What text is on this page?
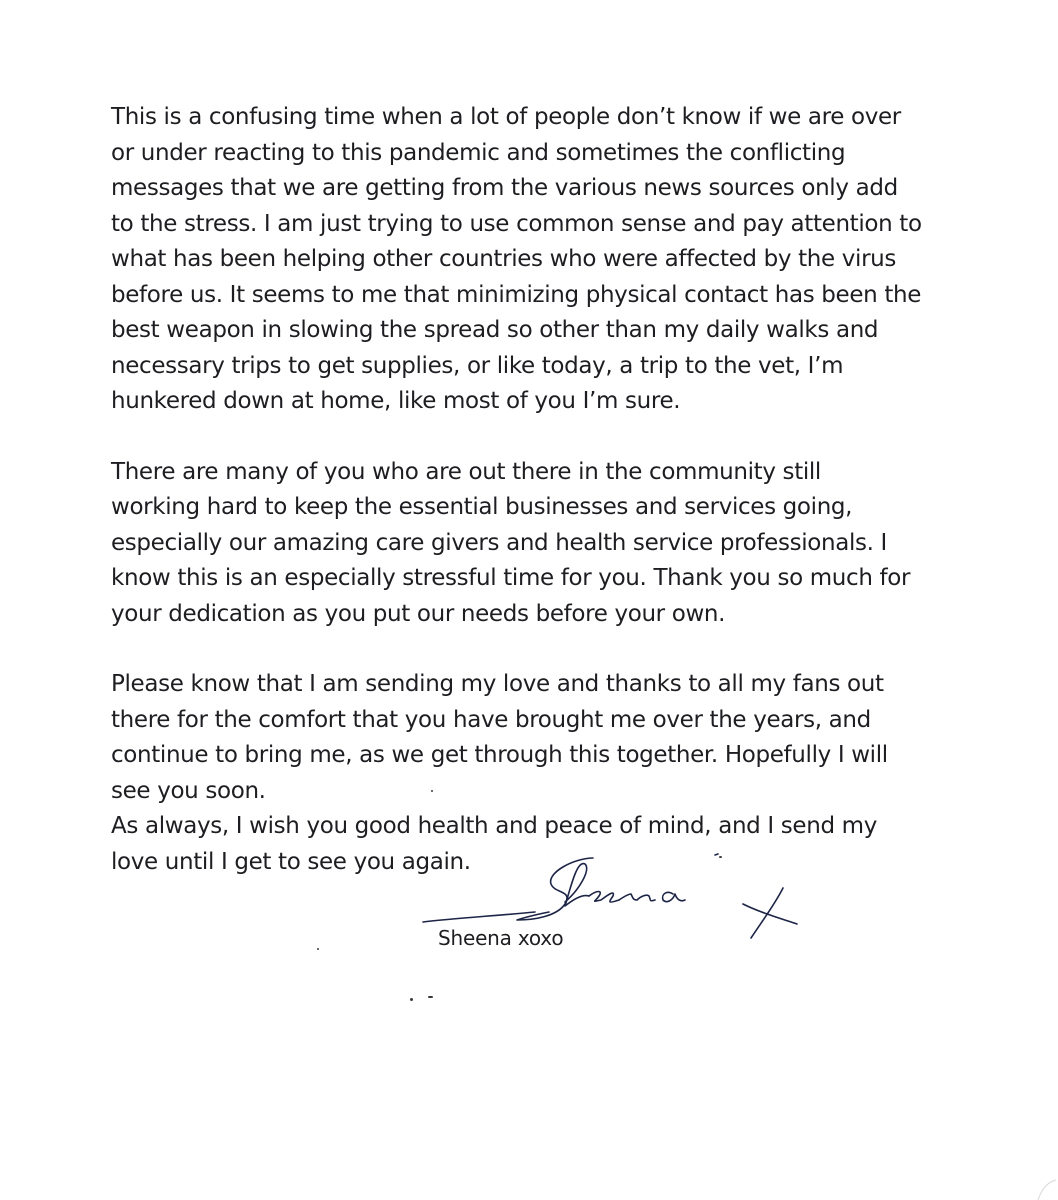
This is a confusing time when a lot of people don’t know if we are over
or under reacting to this pandemic and sometimes the conflicting
messages that we are getting from the various news sources only add
to the stress. I am just trying to use common sense and pay attention to
what has been helping other countries who were affected by the virus
before us. It seems to me that minimizing physical contact has been the
best weapon in slowing the spread so other than my daily walks and
necessary trips to get supplies, or like today, a trip to the vet, I’m
hunkered down at home, like most of you I’m sure.
There are many of you who are out there in the community still
working hard to keep the essential businesses and services going,
especially our amazing care givers and health service professionals. I
know this is an especially stressful time for you. Thank you so much for
your dedication as you put our needs before your own.
Please know that I am sending my love and thanks to all my fans out
there for the comfort that you have brought me over the years, and
continue to bring me, as we get through this together. Hopefully I will
see you soon.
As always, I wish you good health and peace of mind, and I send my
love until I get to see you again.
Sheena xoxo
